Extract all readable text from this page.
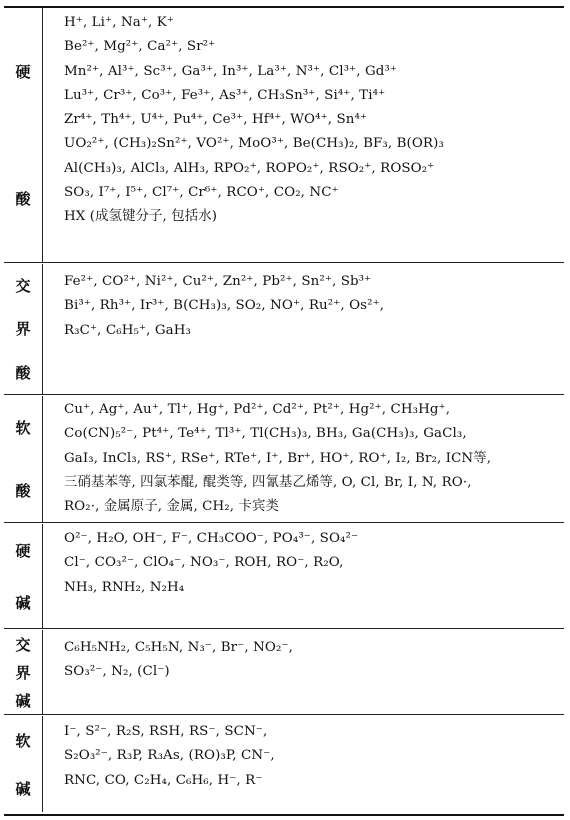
硬
酸
H⁺, Li⁺, Na⁺, K⁺
Be²⁺, Mg²⁺, Ca²⁺, Sr²⁺
Mn²⁺, Al³⁺, Sc³⁺, Ga³⁺, In³⁺, La³⁺, N³⁺, Cl³⁺, Gd³⁺
Lu³⁺, Cr³⁺, Co³⁺, Fe³⁺, As³⁺, CH₃Sn³⁺, Si⁴⁺, Ti⁴⁺
Zr⁴⁺, Th⁴⁺, U⁴⁺, Pu⁴⁺, Ce³⁺, Hf⁴⁺, WO⁴⁺, Sn⁴⁺
UO₂²⁺, (CH₃)₂Sn²⁺, VO²⁺, MoO³⁺, Be(CH₃)₂, BF₃, B(OR)₃
Al(CH₃)₃, AlCl₃, AlH₃, RPO₂⁺, ROPO₂⁺, RSO₂⁺, ROSO₂⁺
SO₃, I⁷⁺, I⁵⁺, Cl⁷⁺, Cr⁶⁺, RCO⁺, CO₂, NC⁺
HX (成氢键分子, 包括水)
交
界
酸
Fe²⁺, CO²⁺, Ni²⁺, Cu²⁺, Zn²⁺, Pb²⁺, Sn²⁺, Sb³⁺
Bi³⁺, Rh³⁺, Ir³⁺, B(CH₃)₃, SO₂, NO⁺, Ru²⁺, Os²⁺,
R₃C⁺, C₆H₅⁺, GaH₃
软
酸
Cu⁺, Ag⁺, Au⁺, Tl⁺, Hg⁺, Pd²⁺, Cd²⁺, Pt²⁺, Hg²⁺, CH₃Hg⁺,
Co(CN)₅²⁻, Pt⁴⁺, Te⁴⁺, Tl³⁺, Tl(CH₃)₃, BH₃, Ga(CH₃)₃, GaCl₃,
GaI₃, InCl₃, RS⁺, RSe⁺, RTe⁺, I⁺, Br⁺, HO⁺, RO⁺, I₂, Br₂, ICN等,
三硝基苯等, 四氯苯醌, 醌类等, 四氰基乙烯等, O, Cl, Br, I, N, RO·,
RO₂·, 金属原子, 金属, CH₂, 卡宾类
硬
碱
O²⁻, H₂O, OH⁻, F⁻, CH₃COO⁻, PO₄³⁻, SO₄²⁻
Cl⁻, CO₃²⁻, ClO₄⁻, NO₃⁻, ROH, RO⁻, R₂O,
NH₃, RNH₂, N₂H₄
交
界
碱
C₆H₅NH₂, C₅H₅N, N₃⁻, Br⁻, NO₂⁻,
SO₃²⁻, N₂, (Cl⁻)
软
碱
I⁻, S²⁻, R₂S, RSH, RS⁻, SCN⁻,
S₂O₃²⁻, R₃P, R₃As, (RO)₃P, CN⁻,
RNC, CO, C₂H₄, C₆H₆, H⁻, R⁻
